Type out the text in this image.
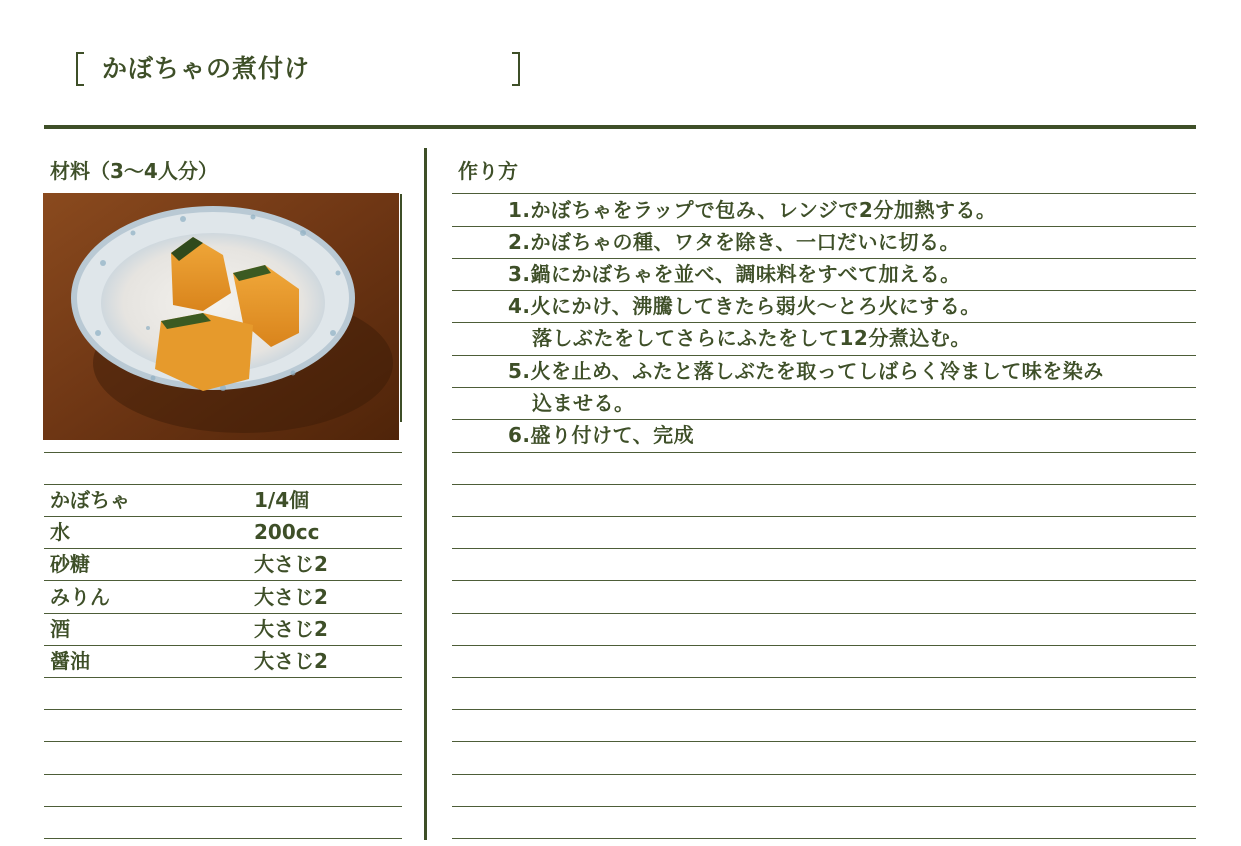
かぼちゃの煮付け
材料（3〜4人分）
かぼちゃ	1/4個
水	200cc
砂糖	大さじ2
みりん	大さじ2
酒	大さじ2
醤油	大さじ2
作り方
1.かぼちゃをラップで包み、レンジで2分加熱する。
2.かぼちゃの種、ワタを除き、一口だいに切る。
3.鍋にかぼちゃを並べ、調味料をすべて加える。
4.火にかけ、沸騰してきたら弱火〜とろ火にする。
落しぶたをしてさらにふたをして12分煮込む。
5.火を止め、ふたと落しぶたを取ってしばらく冷まして味を染み
込ませる。
6.盛り付けて、完成
